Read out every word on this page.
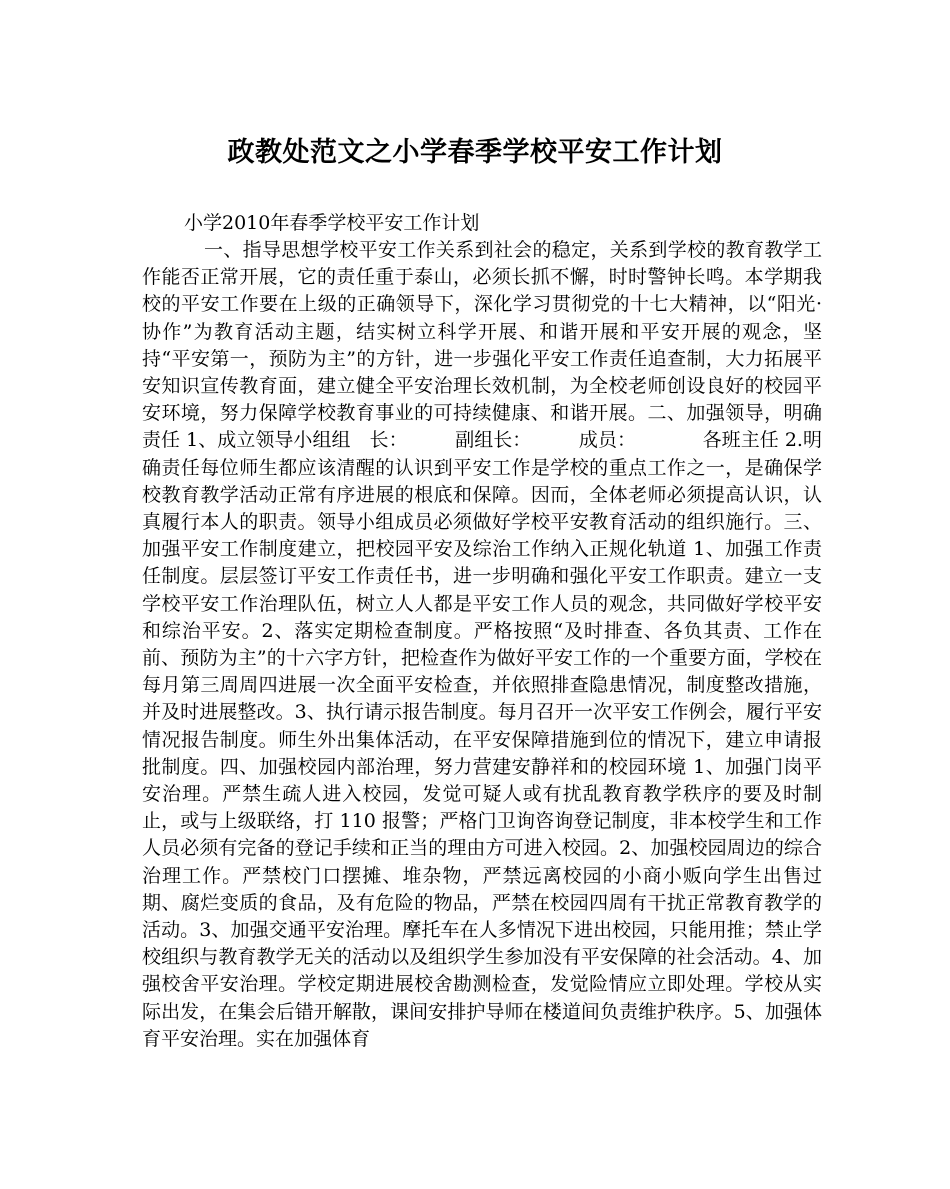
政教处范文之小学春季学校平安工作计划

小学2010年春季学校平安工作计划

一、指导思想学校平安工作关系到社会的稳定，关系到学校的教育教学工作能否正常开展，它的责任重于泰山，必须长抓不懈，时时警钟长鸣。本学期我校的平安工作要在上级的正确领导下，深化学习贯彻党的十七大精神，以“阳光·协作”为教育活动主题，结实树立科学开展、和谐开展和平安开展的观念，坚持“平安第一，预防为主”的方针，进一步强化平安工作责任追查制，大力拓展平安知识宣传教育面，建立健全平安治理长效机制，为全校老师创设良好的校园平安环境，努力保障学校教育事业的可持续健康、和谐开展。二、加强领导，明确责任 1、成立领导小组组　长：　　　副组长：　　　成员：　　　　各班主任 2.明确责任每位师生都应该清醒的认识到平安工作是学校的重点工作之一，是确保学校教育教学活动正常有序进展的根底和保障。因而，全体老师必须提高认识，认真履行本人的职责。领导小组成员必须做好学校平安教育活动的组织施行。三、加强平安工作制度建立，把校园平安及综治工作纳入正规化轨道 1、加强工作责任制度。层层签订平安工作责任书，进一步明确和强化平安工作职责。建立一支学校平安工作治理队伍，树立人人都是平安工作人员的观念，共同做好学校平安和综治平安。2、落实定期检查制度。严格按照“及时排查、各负其责、工作在前、预防为主”的十六字方针，把检查作为做好平安工作的一个重要方面，学校在每月第三周周四进展一次全面平安检查，并依照排查隐患情况，制度整改措施，并及时进展整改。3、执行请示报告制度。每月召开一次平安工作例会，履行平安情况报告制度。师生外出集体活动，在平安保障措施到位的情况下，建立申请报批制度。四、加强校园内部治理，努力营建安静祥和的校园环境 1、加强门岗平安治理。严禁生疏人进入校园，发觉可疑人或有扰乱教育教学秩序的要及时制止，或与上级联络，打 110 报警；严格门卫询咨询登记制度，非本校学生和工作人员必须有完备的登记手续和正当的理由方可进入校园。2、加强校园周边的综合治理工作。严禁校门口摆摊、堆杂物，严禁远离校园的小商小贩向学生出售过期、腐烂变质的食品，及有危险的物品，严禁在校园四周有干扰正常教育教学的活动。3、加强交通平安治理。摩托车在人多情况下进出校园，只能用推；禁止学校组织与教育教学无关的活动以及组织学生参加没有平安保障的社会活动。4、加强校舍平安治理。学校定期进展校舍勘测检查，发觉险情应立即处理。学校从实际出发，在集会后错开解散，课间安排护导师在楼道间负责维护秩序。5、加强体育平安治理。实在加强体育
